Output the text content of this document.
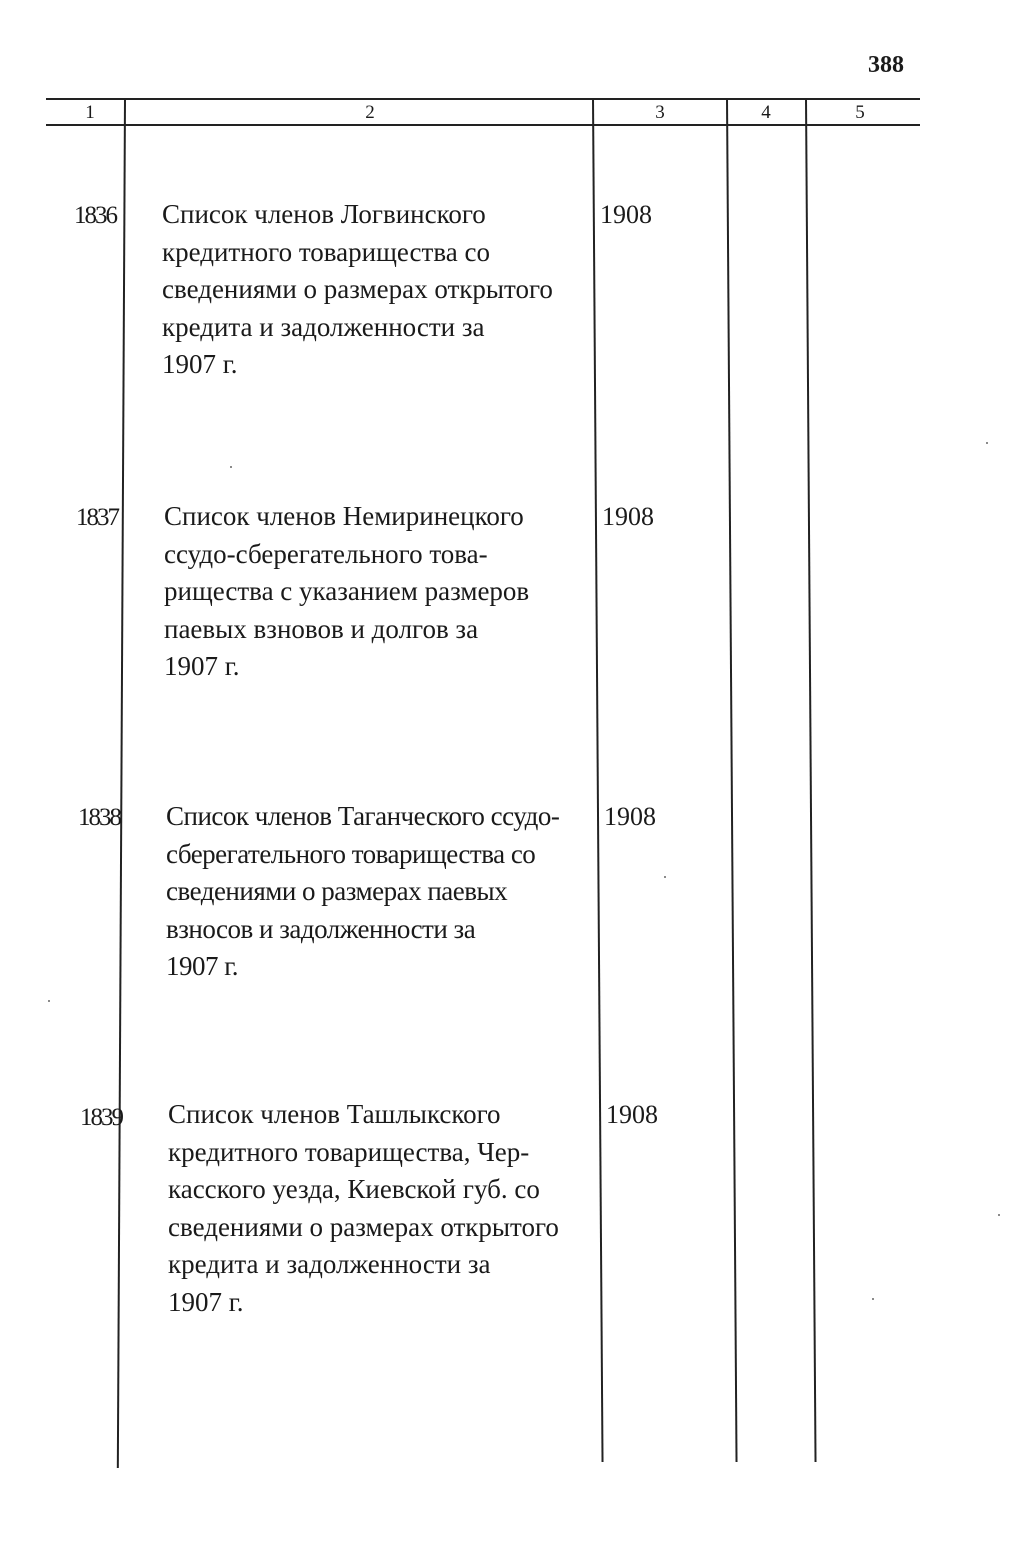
388
1	2	3	4	5
1836 Список членов Логвинского
кредитного товарищества со
сведениями о размерах открытого
кредита и задолженности за
1907 г.
1908
1837 Список членов Немиринецкого
ссудо-сберегательного това-
рищества с указанием размеров
паевых взновов и долгов за
1907 г.
1908
1838 Список членов Таганческого ссудо-
сберегательного товарищества со
сведениями о размерах паевых
взносов и задолженности за
1907 г.
1908
1839 Список членов Ташлыкского
кредитного товарищества, Чер-
касского уезда, Киевской губ. со
сведениями о размерах открытого
кредита и задолженности за
1907 г.
1908
